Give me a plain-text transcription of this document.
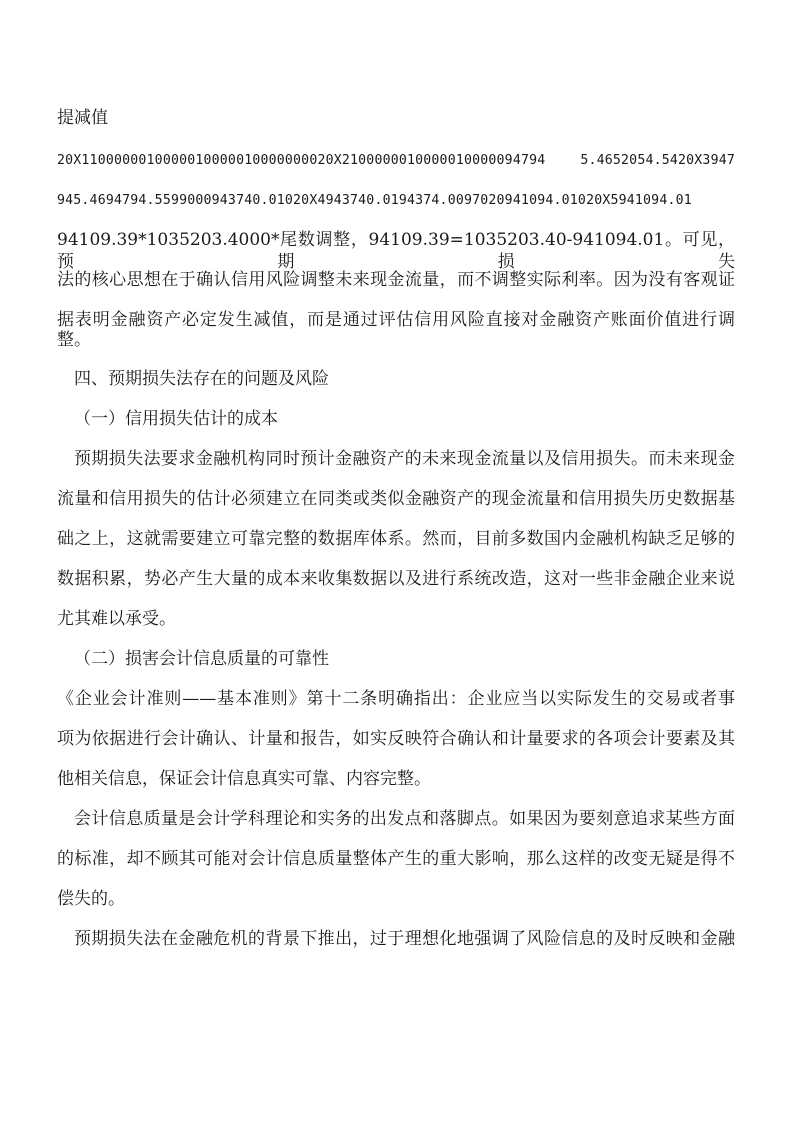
提减值
20X1100000010000010000010000000020X2100000010000010000094794 5.4652054.5420X3947
945.4694794.5599000943740.01020X4943740.0194374.0097020941094.01020X5941094.01
94109.39*1035203.4000*尾数调整，94109.39=1035203.40-941094.01。可见，预期损失
法的核心思想在于确认信用风险调整未来现金流量，而不调整实际利率。因为没有客观证
据表明金融资产必定发生减值，而是通过评估信用风险直接对金融资产账面价值进行调
整。
四、预期损失法存在的问题及风险
（一）信用损失估计的成本
预期损失法要求金融机构同时预计金融资产的未来现金流量以及信用损失。而未来现金
流量和信用损失的估计必须建立在同类或类似金融资产的现金流量和信用损失历史数据基
础之上，这就需要建立可靠完整的数据库体系。然而，目前多数国内金融机构缺乏足够的
数据积累，势必产生大量的成本来收集数据以及进行系统改造，这对一些非金融企业来说
尤其难以承受。
（二）损害会计信息质量的可靠性
《企业会计准则——基本准则》第十二条明确指出：企业应当以实际发生的交易或者事
项为依据进行会计确认、计量和报告，如实反映符合确认和计量要求的各项会计要素及其
他相关信息，保证会计信息真实可靠、内容完整。
会计信息质量是会计学科理论和实务的出发点和落脚点。如果因为要刻意追求某些方面
的标准，却不顾其可能对会计信息质量整体产生的重大影响，那么这样的改变无疑是得不
偿失的。
预期损失法在金融危机的背景下推出，过于理想化地强调了风险信息的及时反映和金融
